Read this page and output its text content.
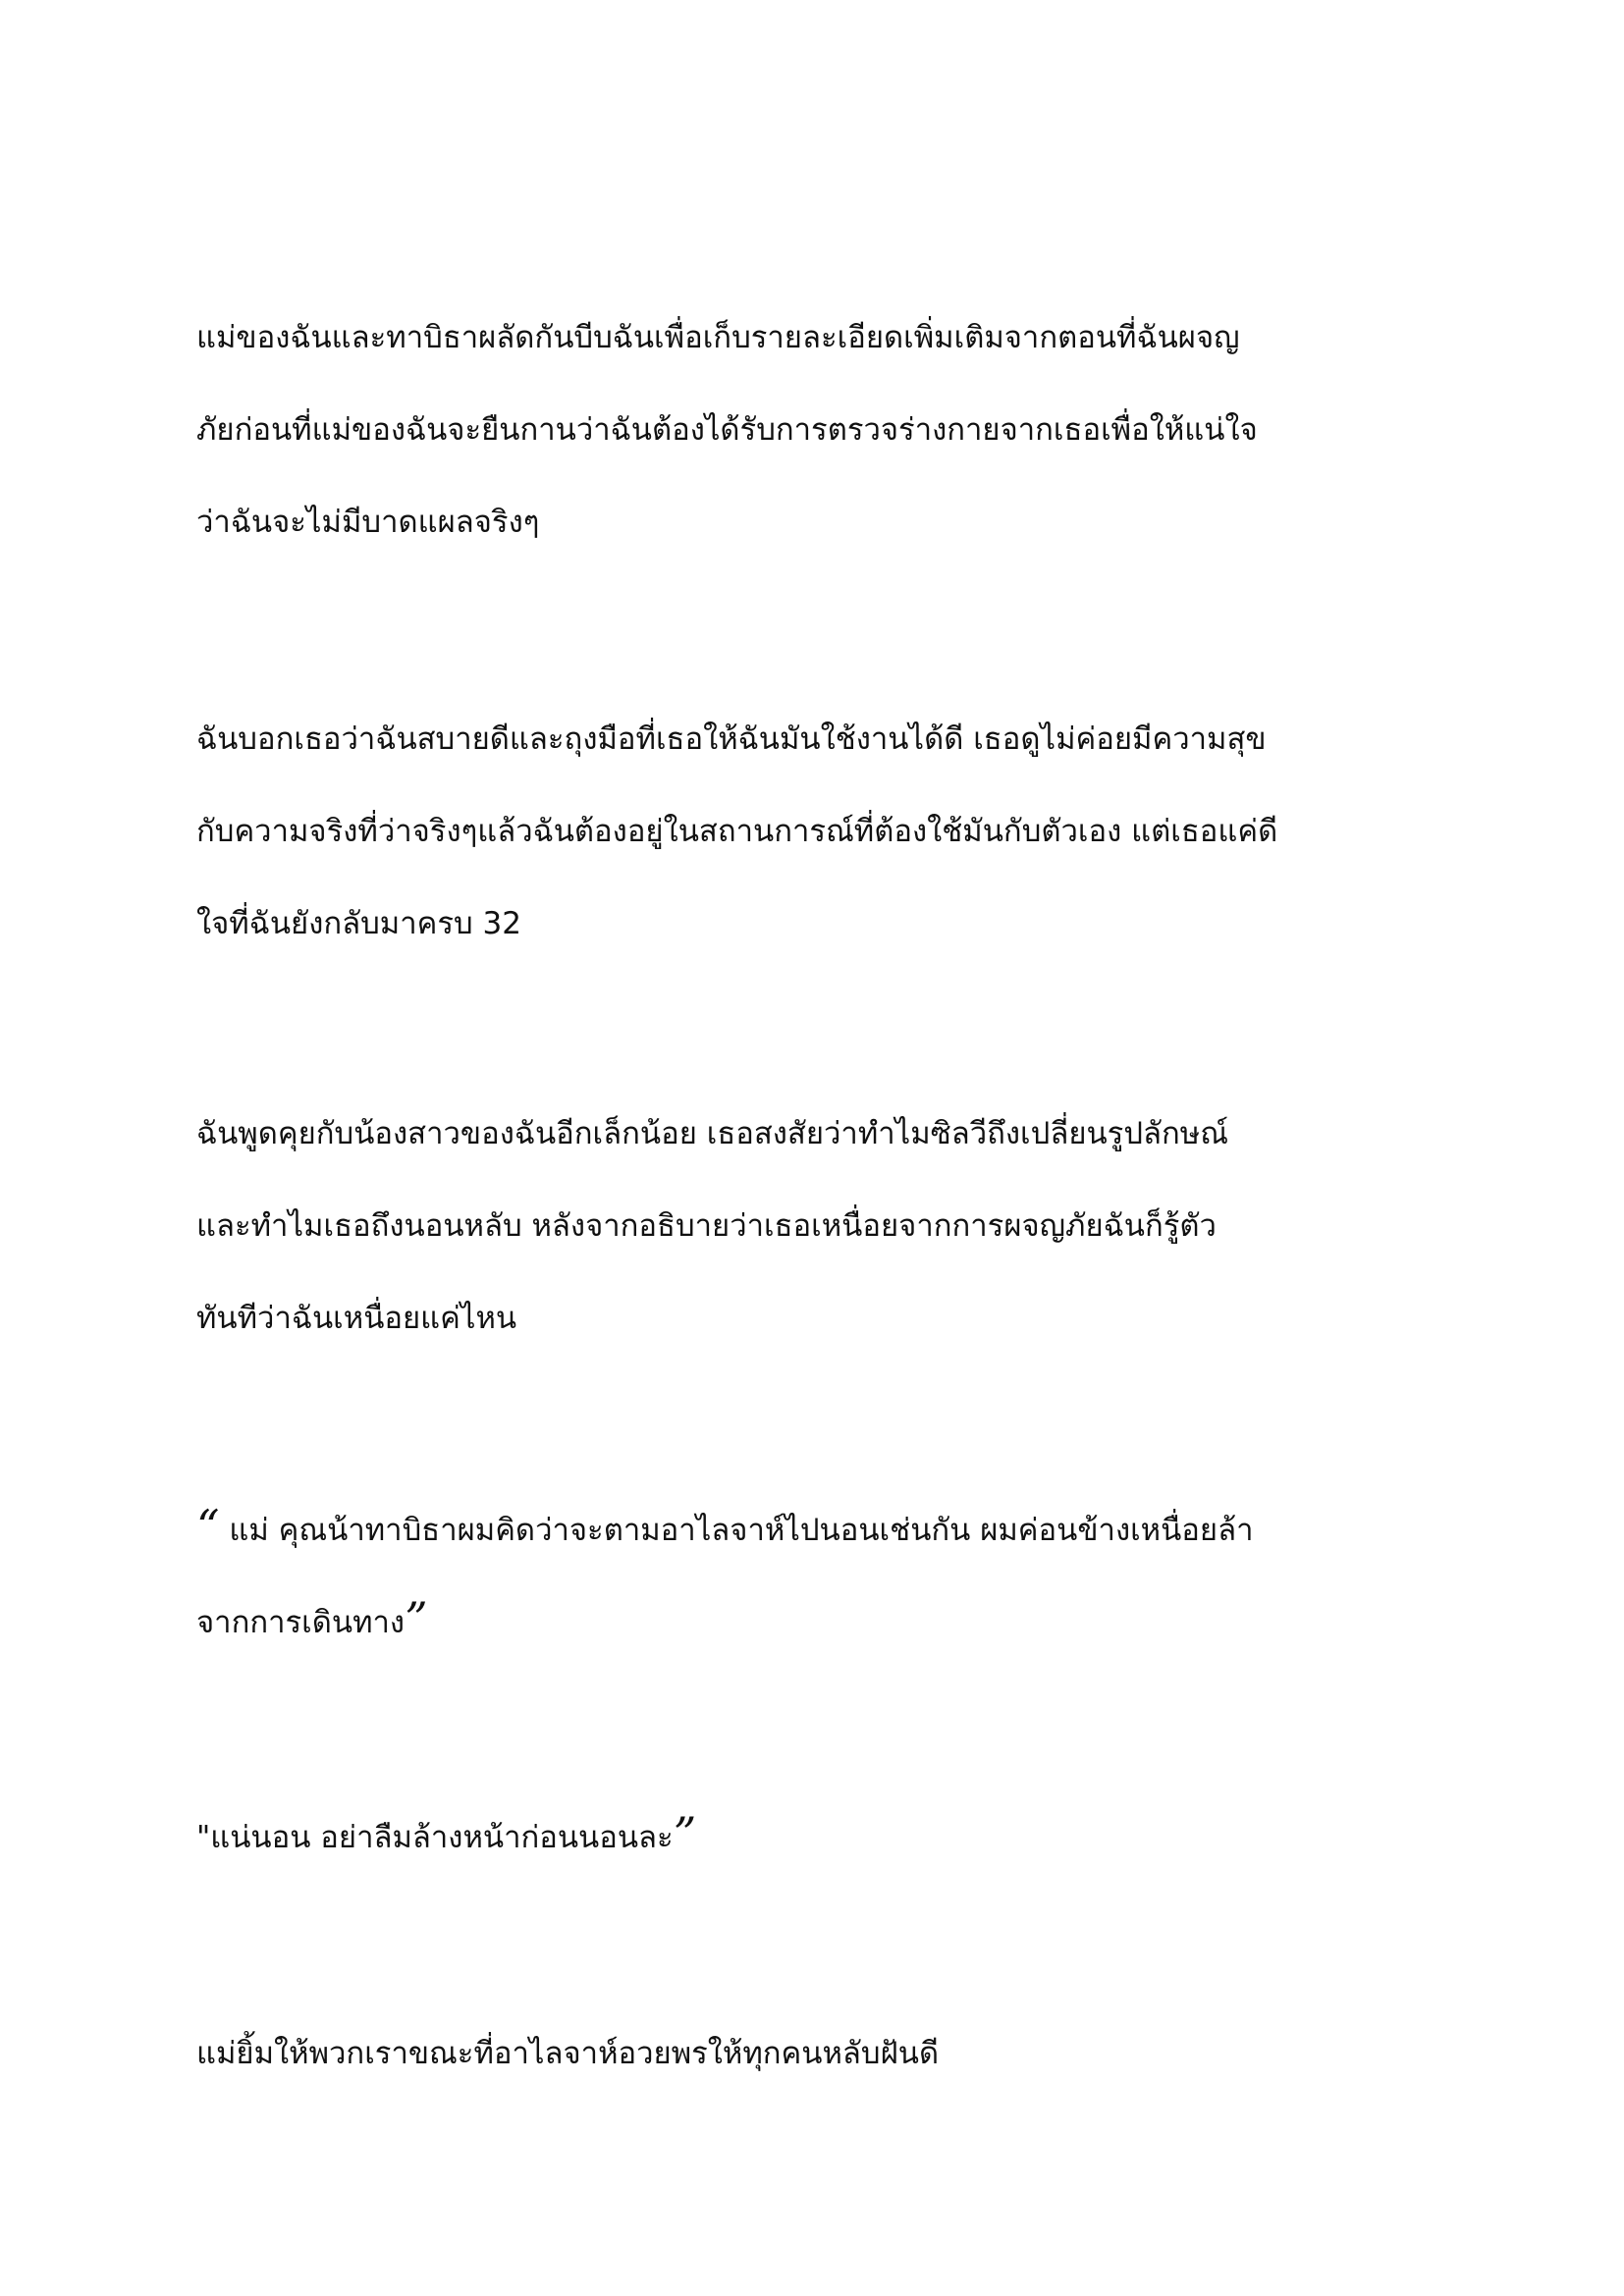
แม่ของฉันและทาบิธาผลัดกันบีบฉันเพื่อเก็บรายละเอียดเพิ่มเติมจากตอนที่ฉันผจญ
ภัยก่อนที่แม่ของฉันจะยืนกานว่าฉันต้องได้รับการตรวจร่างกายจากเธอเพื่อให้แน่ใจ
ว่าฉันจะไม่มีบาดแผลจริงๆ

ฉันบอกเธอว่าฉันสบายดีและถุงมือที่เธอให้ฉันมันใช้งานได้ดี เธอดูไม่ค่อยมีความสุข
กับความจริงที่ว่าจริงๆแล้วฉันต้องอยู่ในสถานการณ์ที่ต้องใช้มันกับตัวเอง แต่เธอแค่ดี
ใจที่ฉันยังกลับมาครบ 32

ฉันพูดคุยกับน้องสาวของฉันอีกเล็กน้อย เธอสงสัยว่าทำไมซิลวีถึงเปลี่ยนรูปลักษณ์
และทำไมเธอถึงนอนหลับ หลังจากอธิบายว่าเธอเหนื่อยจากการผจญภัยฉันก็รู้ตัว
ทันทีว่าฉันเหนื่อยแค่ไหน

“ แม่ คุณน้าทาบิธาผมคิดว่าจะตามอาไลจาห์ไปนอนเช่นกัน ผมค่อนข้างเหนื่อยล้า
จากการเดินทาง”

"แน่นอน อย่าลืมล้างหน้าก่อนนอนละ”

แม่ยิ้มให้พวกเราขณะที่อาไลจาห์อวยพรให้ทุกคนหลับฝันดี
